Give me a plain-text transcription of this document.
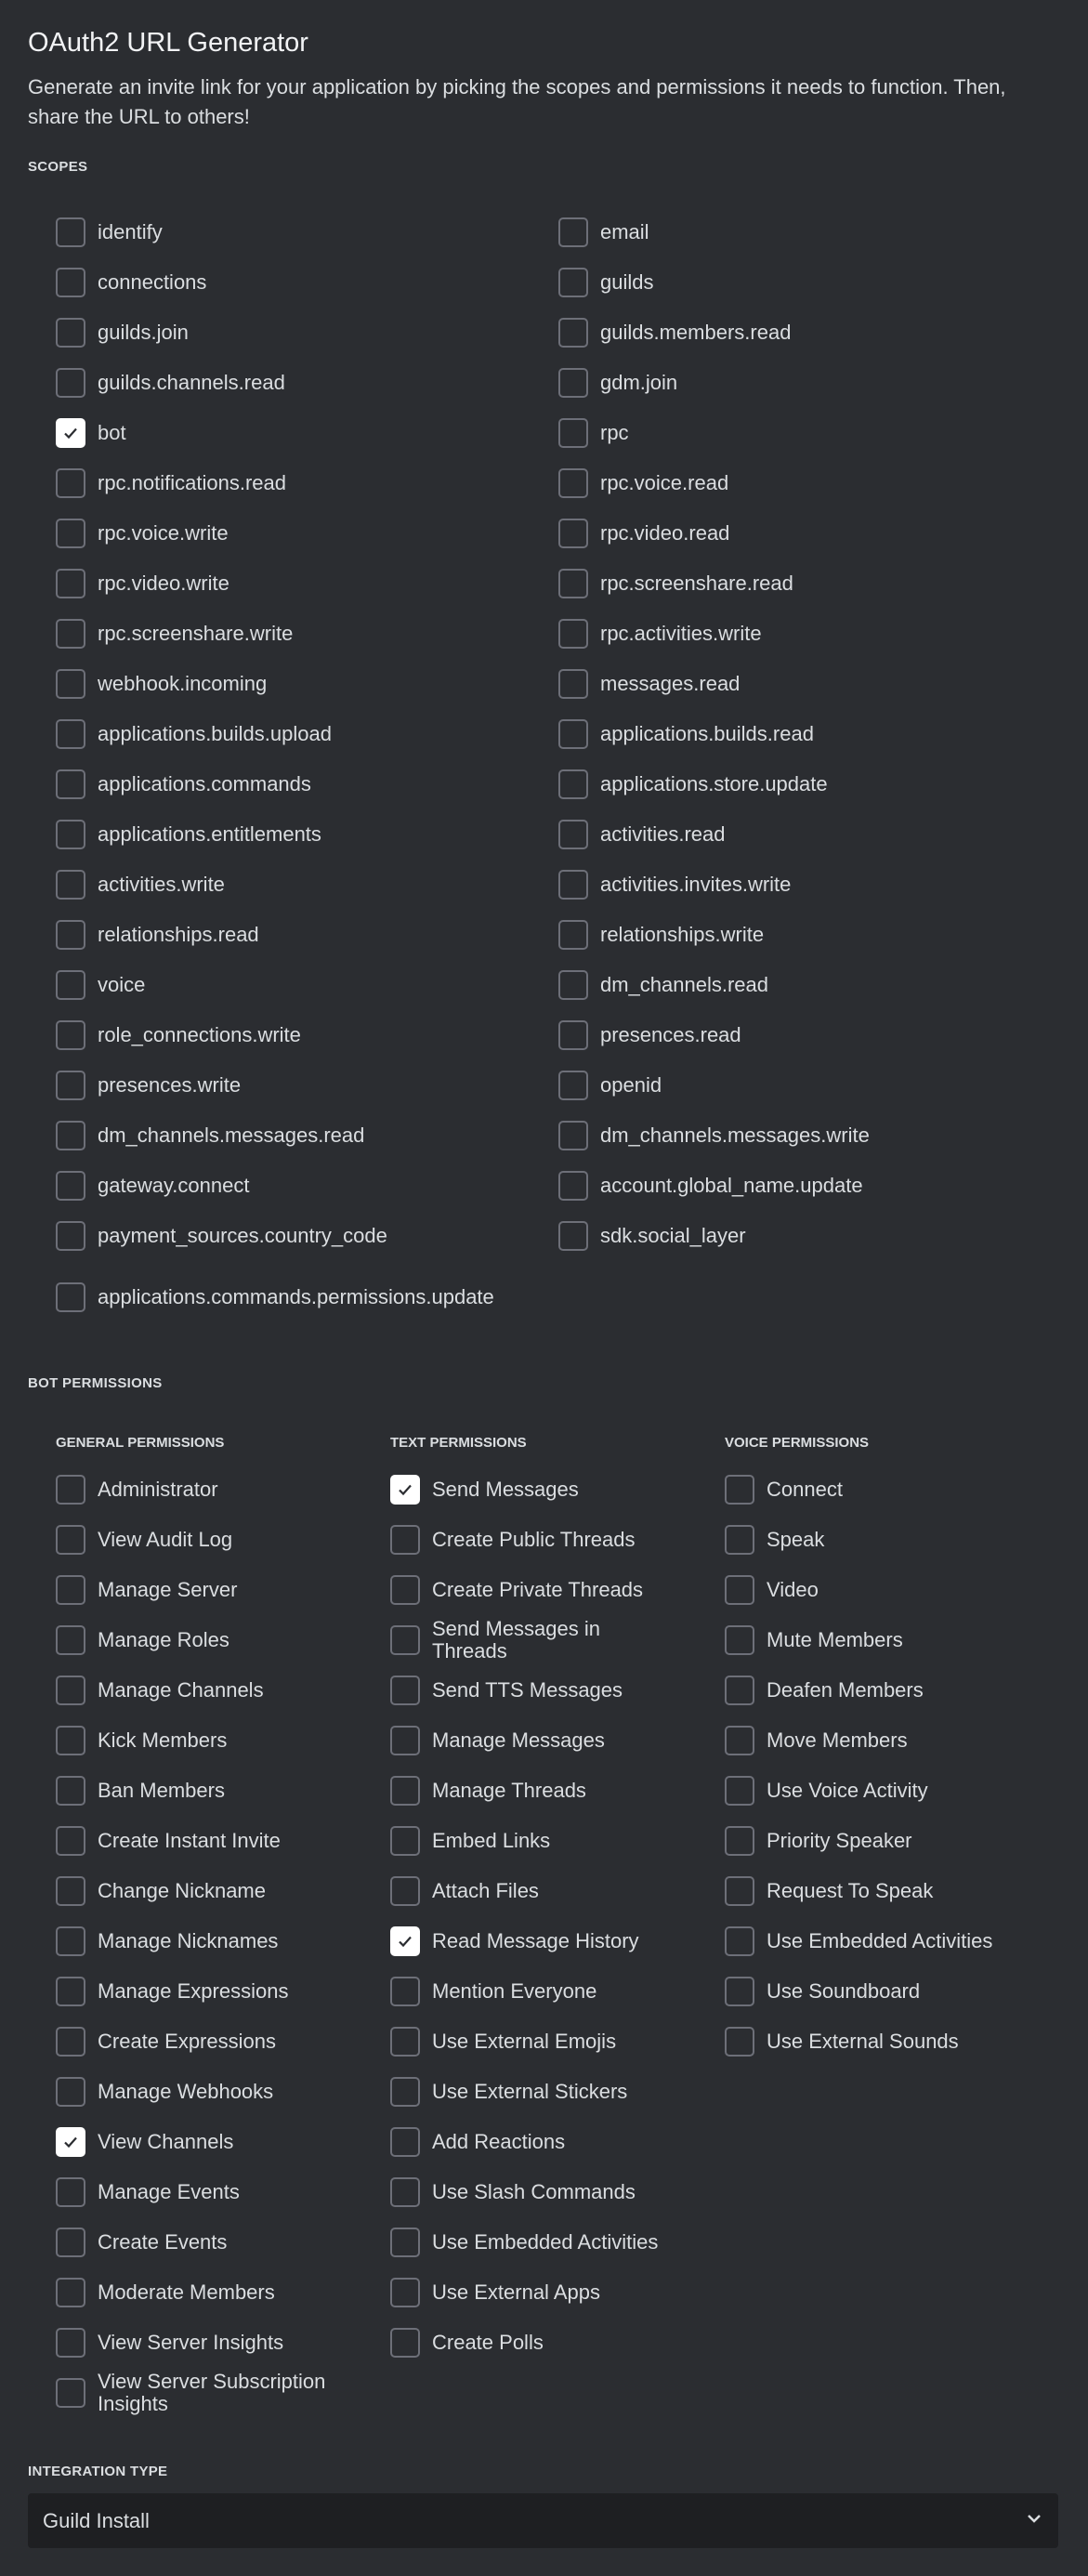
OAuth2 URL Generator
Generate an invite link for your application by picking the scopes and permissions it needs to function. Then, share the URL to others!
SCOPES
identify	email
connections	guilds
guilds.join	guilds.members.read
guilds.channels.read	gdm.join
bot	rpc
rpc.notifications.read	rpc.voice.read
rpc.voice.write	rpc.video.read
rpc.video.write	rpc.screenshare.read
rpc.screenshare.write	rpc.activities.write
webhook.incoming	messages.read
applications.builds.upload	applications.builds.read
applications.commands	applications.store.update
applications.entitlements	activities.read
activities.write	activities.invites.write
relationships.read	relationships.write
voice	dm_channels.read
role_connections.write	presences.read
presences.write	openid
dm_channels.messages.read	dm_channels.messages.write
gateway.connect	account.global_name.update
payment_sources.country_code	sdk.social_layer
applications.commands.permissions.update
BOT PERMISSIONS
GENERAL PERMISSIONS
Administrator
View Audit Log
Manage Server
Manage Roles
Manage Channels
Kick Members
Ban Members
Create Instant Invite
Change Nickname
Manage Nicknames
Manage Expressions
Create Expressions
Manage Webhooks
View Channels
Manage Events
Create Events
Moderate Members
View Server Insights
View Server Subscription Insights
TEXT PERMISSIONS
Send Messages
Create Public Threads
Create Private Threads
Send Messages in Threads
Send TTS Messages
Manage Messages
Manage Threads
Embed Links
Attach Files
Read Message History
Mention Everyone
Use External Emojis
Use External Stickers
Add Reactions
Use Slash Commands
Use Embedded Activities
Use External Apps
Create Polls
VOICE PERMISSIONS
Connect
Speak
Video
Mute Members
Deafen Members
Move Members
Use Voice Activity
Priority Speaker
Request To Speak
Use Embedded Activities
Use Soundboard
Use External Sounds
INTEGRATION TYPE
Guild Install
